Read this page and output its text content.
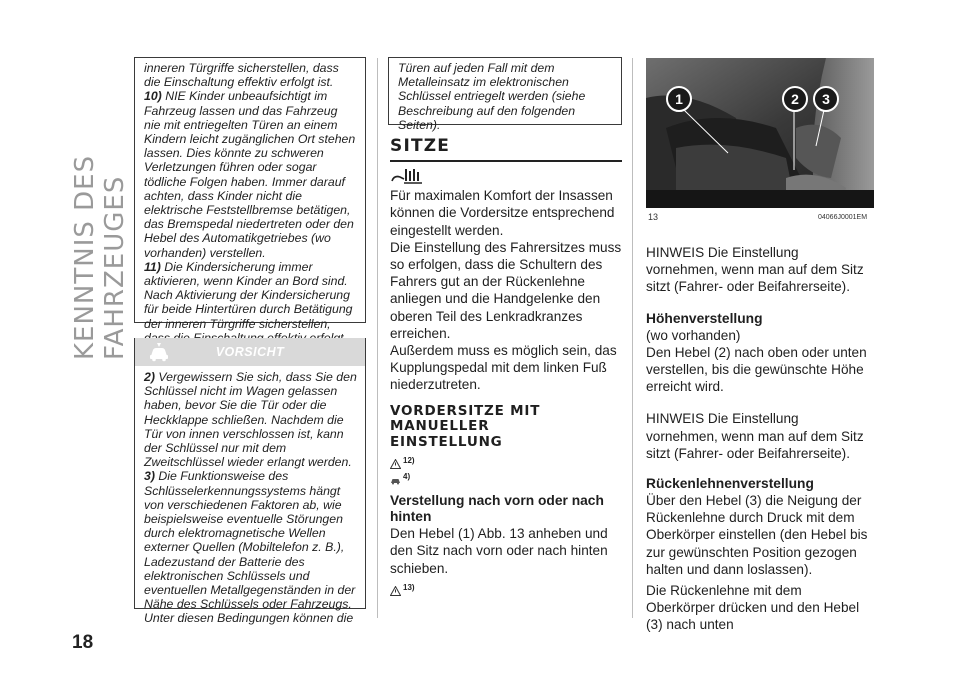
KENNTNIS DES FAHRZEUGES
18

inneren Türgriffe sicherstellen, dass die Einschaltung effektiv erfolgt ist.

10) NIE Kinder unbeaufsichtigt im Fahrzeug lassen und das Fahrzeug nie mit entriegelten Türen an einem Kindern leicht zugänglichen Ort stehen lassen. Dies könnte zu schweren Verletzungen führen oder sogar tödliche Folgen haben. Immer darauf achten, dass Kinder nicht die elektrische Feststellbremse betätigen, das Bremspedal niedertreten oder den Hebel des Automatikgetriebes (wo vorhanden) verstellen.

11) Die Kindersicherung immer aktivieren, wenn Kinder an Bord sind. Nach Aktivierung der Kindersicherung für beide Hintertüren durch Betätigung der inneren Türgriffe sicherstellen,

VORSICHT

2) Vergewissern Sie sich, dass Sie den Schlüssel nicht im Wagen gelassen haben, bevor Sie die Tür oder die Heckklappe schließen. Nachdem die Tür von innen verschlossen ist, kann der Schlüssel nur mit dem Zweitschlüssel wieder erlangt werden.

3) Die Funktionsweise des Schlüsselerkennungssystems hängt von verschiedenen Faktoren ab, wie beispielsweise eventuelle Störungen durch elektromagnetische Wellen externer Quellen (Mobiltelefon z. B.), Ladezustand der Batterie des elektronischen Schlüssels und eventuellen Metallgegenständen in der Nähe des Schlüssels oder Fahrzeugs. Unter diesen Bedingungen können die

Türen auf jeden Fall mit dem Metalleinsatz im elektronischen Schlüssel entriegelt werden (siehe Beschreibung auf den folgenden Seiten).

SITZE

Für maximalen Komfort der Insassen können die Vordersitze entsprechend eingestellt werden.

Die Einstellung des Fahrersitzes muss so erfolgen, dass die Schultern des Fahrers gut an der Rückenlehne anliegen und die Handgelenke den oberen Teil des Lenkradkranzes erreichen.

Außerdem muss es möglich sein, das Kupplungspedal mit dem linken Fuß niederzutreten.

VORDERSITZE MIT MANUELLER EINSTELLUNG
12)
4)
Verstellung nach vorn oder nach hinten

Den Hebel (1) Abb. 13 anheben und den Sitz nach vorn oder nach hinten schieben.

13)
1	2	3
13	04066J0001EM

HINWEIS Die Einstellung vornehmen, wenn man auf dem Sitz sitzt (Fahrer- oder Beifahrerseite).

Höhenverstellung

(wo vorhanden)

Den Hebel (2) nach oben oder unten verstellen, bis die gewünschte Höhe erreicht wird.

HINWEIS Die Einstellung vornehmen, wenn man auf dem Sitz sitzt (Fahrer- oder Beifahrerseite).

Rückenlehnenverstellung

Über den Hebel (3) die Neigung der Rückenlehne durch Druck mit dem Oberkörper einstellen (den Hebel bis zur gewünschten Position gezogen halten und dann loslassen).

Die Rückenlehne mit dem Oberkörper drücken und den Hebel (3) nach unten
